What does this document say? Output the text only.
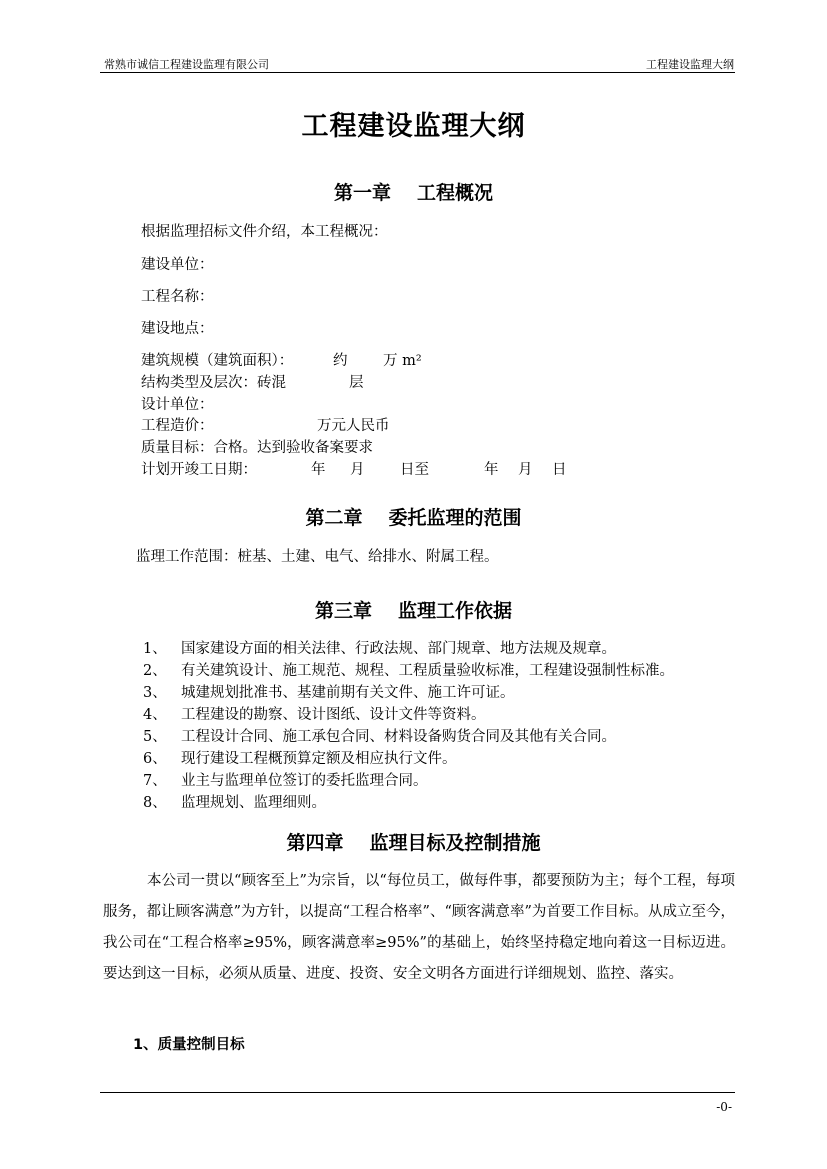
常熟市诚信工程建设监理有限公司	工程建设监理大纲
工程建设监理大纲
第一章 工程概况
根据监理招标文件介绍，本工程概况：
建设单位：
工程名称：
建设地点：
建筑规模（建筑面积）：	约 万 m²
结构类型及层次：砖混	层
设计单位：
工程造价：	万元人民币
质量目标：合格。达到验收备案要求
计划开竣工日期：	年 月 日至	年 月 日
第二章 委托监理的范围
监理工作范围：桩基、土建、电气、给排水、附属工程。
第三章 监理工作依据
1、 国家建设方面的相关法律、行政法规、部门规章、地方法规及规章。
2、 有关建筑设计、施工规范、规程、工程质量验收标准，工程建设强制性标准。
3、 城建规划批准书、基建前期有关文件、施工许可证。
4、 工程建设的勘察、设计图纸、设计文件等资料。
5、 工程设计合同、施工承包合同、材料设备购货合同及其他有关合同。
6、 现行建设工程概预算定额及相应执行文件。
7、 业主与监理单位签订的委托监理合同。
8、 监理规划、监理细则。
第四章 监理目标及控制措施
本公司一贯以“顾客至上”为宗旨，以“每位员工，做每件事，都要预防为主；每个工程，每项服务，都让顾客满意”为方针，以提高“工程合格率”、“顾客满意率”为首要工作目标。从成立至今，我公司在“工程合格率≥95%，顾客满意率≥95%”的基础上，始终坚持稳定地向着这一目标迈进。要达到这一目标，必须从质量、进度、投资、安全文明各方面进行详细规划、监控、落实。
1、质量控制目标
-0-
